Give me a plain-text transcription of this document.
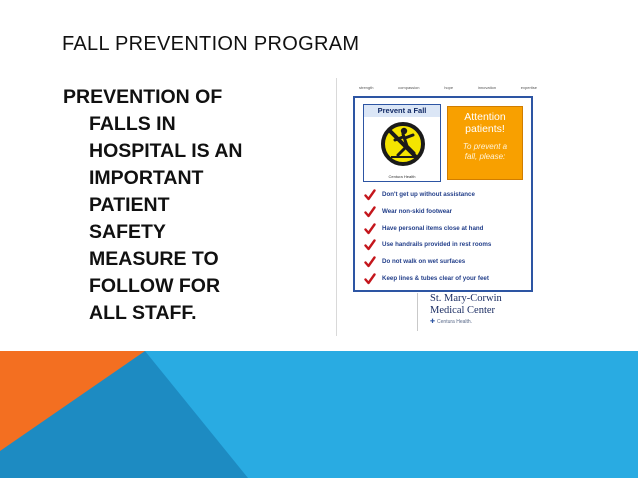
FALL PREVENTION PROGRAM
PREVENTION OF
FALLS IN
HOSPITAL IS AN
IMPORTANT
PATIENT
SAFETY
MEASURE TO
FOLLOW FOR
ALL STAFF.
strength	compassion	hope	innovation	expertise
Prevent a Fall
Centura Health
Attention
patients!
To prevent a
fall, please:
Don't get up without assistance
Wear non-skid footwear
Have personal items close at hand
Use handrails provided in rest rooms
Do not walk on wet surfaces
Keep lines & tubes clear of your feet
St. Mary-Corwin
Medical Center
✚ Centura Health.
